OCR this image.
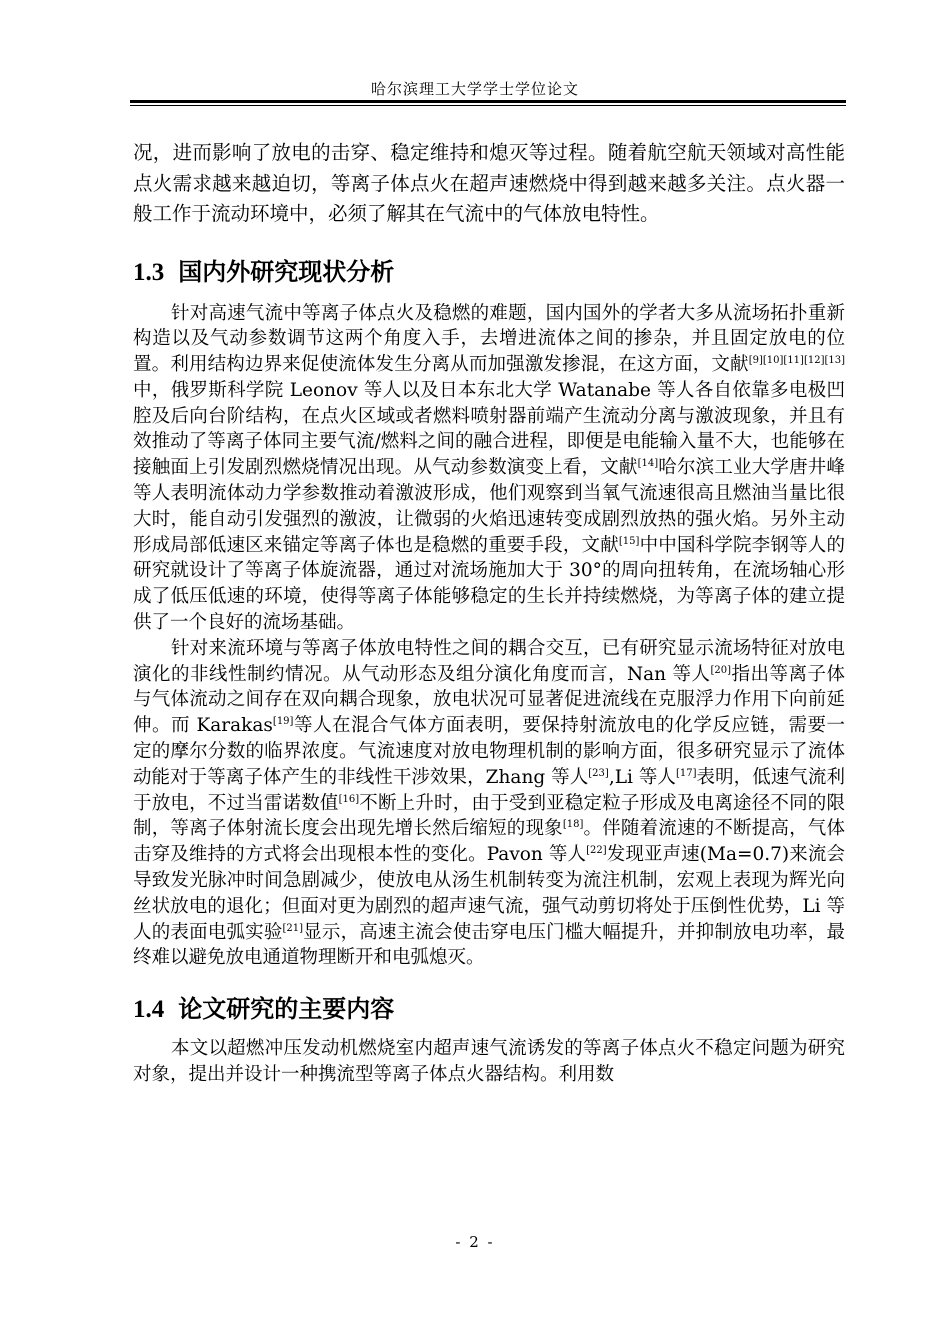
哈尔滨理工大学学士学位论文

况，进而影响了放电的击穿、稳定维持和熄灭等过程。随着航空航天领域对高性能点火需求越来越迫切，等离子体点火在超声速燃烧中得到越来越多关注。点火器一般工作于流动环境中，必须了解其在气流中的气体放电特性。

1.3 国内外研究现状分析

针对高速气流中等离子体点火及稳燃的难题，国内国外的学者大多从流场拓扑重新构造以及气动参数调节这两个角度入手，去增进流体之间的掺杂，并且固定放电的位置。利用结构边界来促使流体发生分离从而加强激发掺混，在这方面，文献[9][10][11][12][13]中，俄罗斯科学院 Leonov 等人以及日本东北大学 Watanabe 等人各自依靠多电极凹腔及后向台阶结构，在点火区域或者燃料喷射器前端产生流动分离与激波现象，并且有效推动了等离子体同主要气流/燃料之间的融合进程，即便是电能输入量不大，也能够在接触面上引发剧烈燃烧情况出现。从气动参数演变上看，文献[14]哈尔滨工业大学唐井峰等人表明流体动力学参数推动着激波形成，他们观察到当氧气流速很高且燃油当量比很大时，能自动引发强烈的激波，让微弱的火焰迅速转变成剧烈放热的强火焰。另外主动形成局部低速区来锚定等离子体也是稳燃的重要手段，文献[15]中中国科学院李钢等人的研究就设计了等离子体旋流器，通过对流场施加大于 30°的周向扭转角，在流场轴心形成了低压低速的环境，使得等离子体能够稳定的生长并持续燃烧，为等离子体的建立提供了一个良好的流场基础。

针对来流环境与等离子体放电特性之间的耦合交互，已有研究显示流场特征对放电演化的非线性制约情况。从气动形态及组分演化角度而言，Nan 等人[20]指出等离子体与气体流动之间存在双向耦合现象，放电状况可显著促进流线在克服浮力作用下向前延伸。而 Karakas[19]等人在混合气体方面表明，要保持射流放电的化学反应链，需要一定的摩尔分数的临界浓度。气流速度对放电物理机制的影响方面，很多研究显示了流体动能对于等离子体产生的非线性干涉效果，Zhang 等人[23],Li 等人[17]表明，低速气流利于放电，不过当雷诺数值[16]不断上升时，由于受到亚稳定粒子形成及电离途径不同的限制，等离子体射流长度会出现先增长然后缩短的现象[18]。伴随着流速的不断提高，气体击穿及维持的方式将会出现根本性的变化。Pavon 等人[22]发现亚声速(Ma=0.7)来流会导致发光脉冲时间急剧减少，使放电从汤生机制转变为流注机制，宏观上表现为辉光向丝状放电的退化；但面对更为剧烈的超声速气流，强气动剪切将处于压倒性优势，Li 等人的表面电弧实验[21]显示，高速主流会使击穿电压门槛大幅提升，并抑制放电功率，最终难以避免放电通道物理断开和电弧熄灭。

1.4 论文研究的主要内容

本文以超燃冲压发动机燃烧室内超声速气流诱发的等离子体点火不稳定问题为研究对象，提出并设计一种携流型等离子体点火器结构。利用数

- 2 -
